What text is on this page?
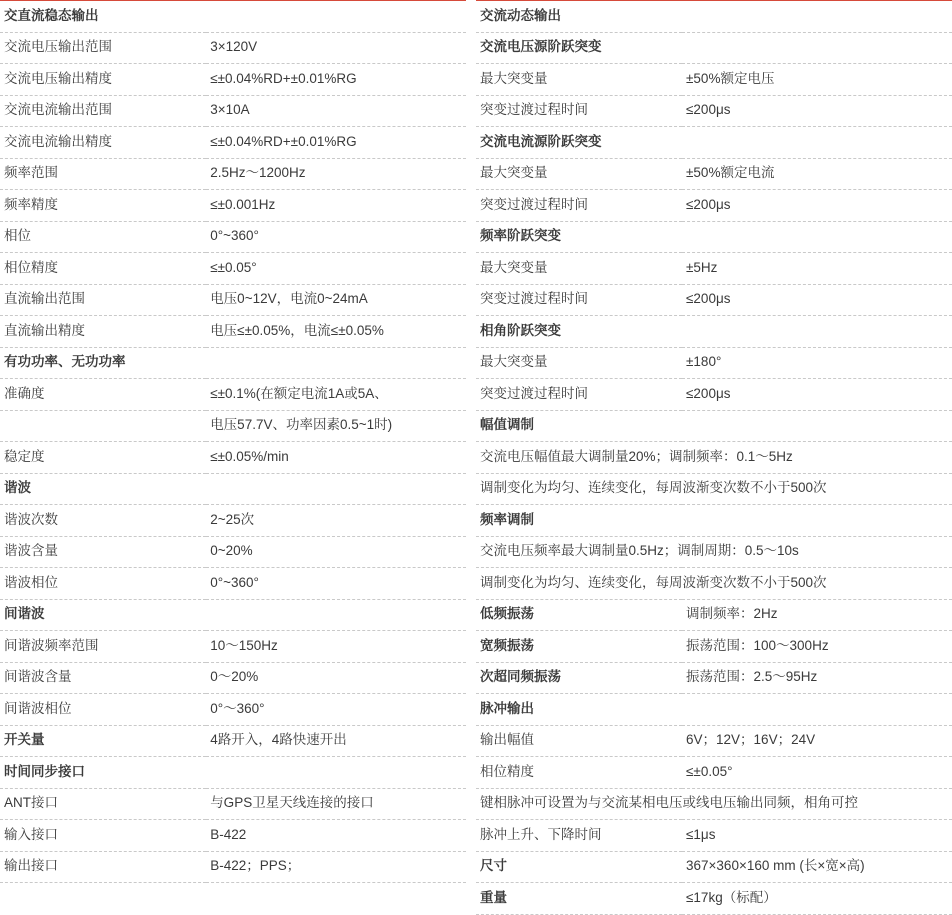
交直流稳态输出	
交流电压输出范围	3×120V
交流电压输出精度	≤±0.04%RD+±0.01%RG
交流电流输出范围	3×10A
交流电流输出精度	≤±0.04%RD+±0.01%RG
频率范围	2.5Hz～1200Hz
频率精度	≤±0.001Hz
相位	0°~360°
相位精度	≤±0.05°
直流输出范围	电压0~12V，电流0~24mA
直流输出精度	电压≤±0.05%，电流≤±0.05%
有功功率、无功功率	
准确度	≤±0.1%(在额定电流1A或5A、
	电压57.7V、功率因素0.5~1时)
稳定度	≤±0.05%/min
谐波	
谐波次数	2~25次
谐波含量	0~20%
谐波相位	0°~360°
间谐波	
间谐波频率范围	10～150Hz
间谐波含量	0～20%
间谐波相位	0°～360°
开关量	4路开入，4路快速开出
时间同步接口	
ANT接口	与GPS卫星天线连接的接口
输入接口	B-422
输出接口	B-422；PPS；
交流动态输出	
交流电压源阶跃突变	
最大突变量	±50%额定电压
突变过渡过程时间	≤200μs
交流电流源阶跃突变	
最大突变量	±50%额定电流
突变过渡过程时间	≤200μs
频率阶跃突变	
最大突变量	±5Hz
突变过渡过程时间	≤200μs
相角阶跃突变	
最大突变量	±180°
突变过渡过程时间	≤200μs
幅值调制	
交流电压幅值最大调制量20%；调制频率：0.1～5Hz	
调制变化为均匀、连续变化，每周波渐变次数不小于500次	
频率调制	
交流电压频率最大调制量0.5Hz；调制周期：0.5～10s	
调制变化为均匀、连续变化，每周波渐变次数不小于500次	
低频振荡	调制频率：2Hz
宽频振荡	振荡范围：100～300Hz
次超同频振荡	振荡范围：2.5～95Hz
脉冲输出	
输出幅值	6V；12V；16V；24V
相位精度	≤±0.05°
键相脉冲可设置为与交流某相电压或线电压输出同频，相角可控	
脉冲上升、下降时间	≤1μs
尺寸	367×360×160 mm (长×宽×高)
重量	≤17kg（标配）
